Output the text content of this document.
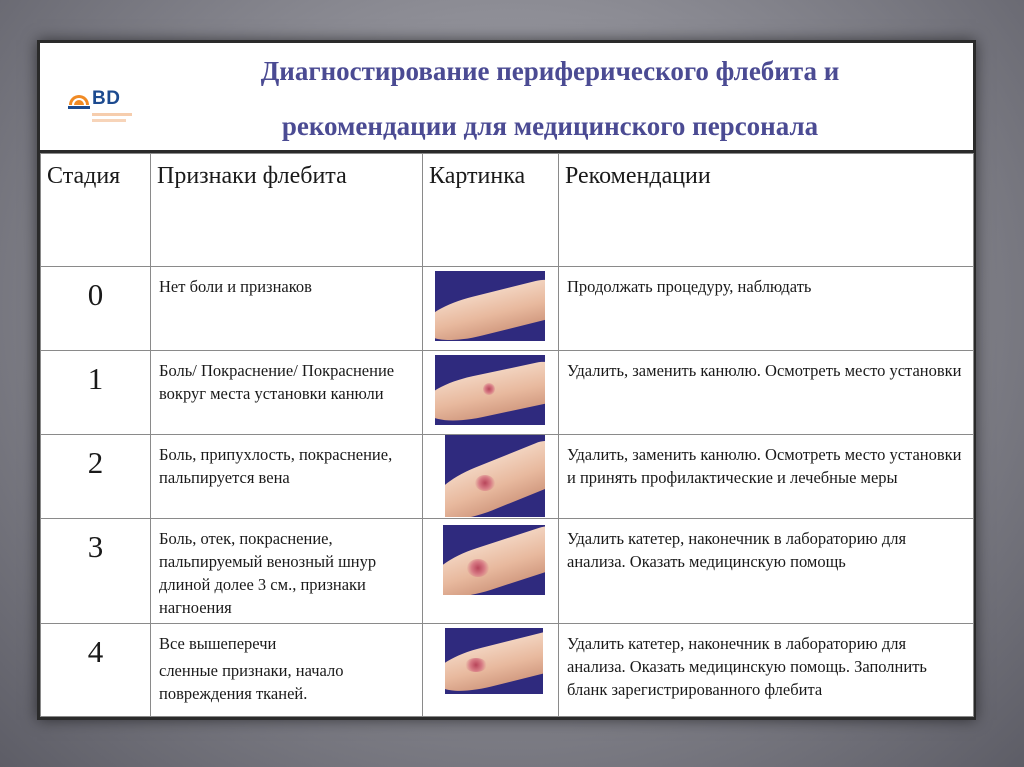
BD
Диагностирование периферического флебита и
рекомендации для медицинского персонала
Стадия	Признаки флебита	Картинка	Рекомендации
0	Нет боли и признаков		Продолжать процедуру, наблюдать
1	Боль/ Покраснение/ Покраснение вокруг места установки канюли		Удалить, заменить канюлю. Осмотреть место установки
2	Боль, припухлость, покраснение, пальпируется вена		Удалить, заменить канюлю. Осмотреть место установки и принять профилактические и лечебные меры
3	Боль, отек, покраснение, пальпируемый венозный шнур длиной долее 3 см., признаки нагноения		Удалить катетер, наконечник в лабораторию для анализа. Оказать медицинскую помощь
4	Все вышеперечи
сленные признаки, начало повреждения тканей.		Удалить катетер, наконечник в лабораторию для анализа. Оказать медицинскую помощь. Заполнить бланк зарегистрированного флебита
